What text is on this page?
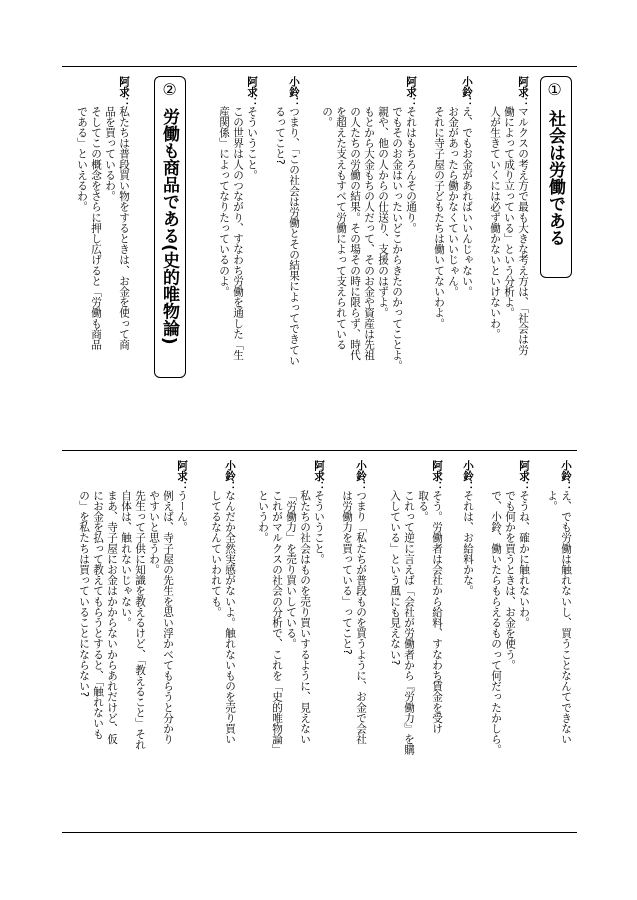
①
社会は労働である
②
労働も商品である(史的唯物論)
阿求：
マルクスの考え方で最も大きな考え方は、「社会は労
働によって成り立っている」という分析よ。
人が生きていくには必ず働かないといけないわ。
小鈴：
え、でもお金があればいいんじゃない。
お金があったら働かなくていいじゃん。
それに寺子屋の子どもたちは働いてないわよ。
阿求：
それはもちろんその通り。
でもそのお金はいったいどこからきたのかってことよ。
親や、他の人からの仕送り、支援のはずよ。
もとから大金もちの人だって、そのお金や資産は先祖
の人たちの労働の結果。その場その時に限らず、時代
を超えた支えもすべて労働によって支えられている
の。
小鈴：
つまり、「この社会は労働とその結果によってできてい
るってこと?
阿求：
そういうこと。
この世界は人のつながり、すなわち労働を通した「生
産関係」によってなりたっているのよ。
阿求：
私たちは普段買い物をするときは、お金を使って商
品を買っているわ。
そしてこの概念をさらに押し広げると「労働も商品
である」といえるわ。
小鈴：
え、でも労働は触れないし、買うことなんてできない
よ。
阿求：
そうね、確かに触れないわ。
でも何かを買うときは、お金を使う。
で、小鈴、働いたらもらえるものって何だったかしら。
小鈴：
それは、お給料かな。
阿求：
そう。労働者は会社から給料、すなわち賃金を受け
取る。
これって逆に言えば「会社が労働者から『労働力』を購
入している」という風にも見えない?
小鈴：
つまり「私たちが普段ものを買うように、お金で会社
は労働力を買っている」ってこと?
阿求：
そういうこと。
私たちの社会はものを売り買いするように、見えない
「労働力」を売り買いしている。
これがマルクスの社会の分析で、これを「史的唯物論」
というわ。
小鈴：
なんだか全然実感がないよ。触れないものを売り買い
してるなんていわれても。
阿求：
うーん。
例えば、寺子屋の先生を思い浮かべてもらうと分かり
やすいと思うわ。
先生って子供に知識を教えるけど、「教えること」それ
自体は、触れないじゃない。
まあ、寺子屋にお金はかからないからあれだけど、仮
にお金を払って教えてもらうとすると、「触れないも
の」を私たちは買っていることにならない?
